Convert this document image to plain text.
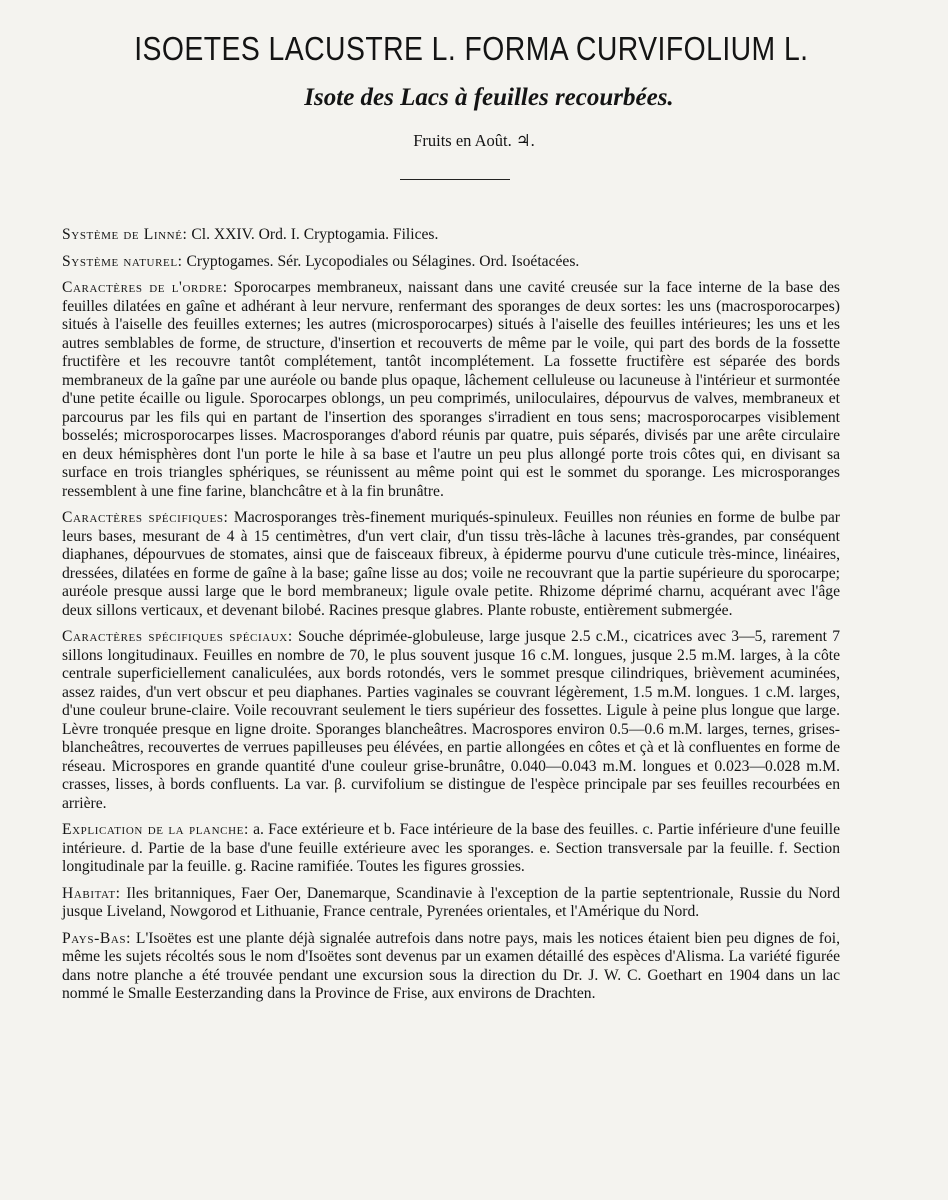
ISOETES LACUSTRE L. FORMA CURVIFOLIUM L.
Isote des Lacs à feuilles recourbées.
Fruits en Août. ♃.

Système de Linné: Cl. XXIV. Ord. I. Cryptogamia. Filices.

Système naturel: Cryptogames. Sér. Lycopodiales ou Sélagines. Ord. Isoétacées.

Caractères de l'ordre: Sporocarpes membraneux, naissant dans une cavité creusée sur la face interne de la base des feuilles dilatées en gaîne et adhérant à leur nervure, renfermant des sporanges de deux sortes: les uns (macrosporocarpes) situés à l'aiselle des feuilles externes; les autres (microsporocarpes) situés à l'aiselle des feuilles intérieures; les uns et les autres semblables de forme, de structure, d'insertion et recouverts de même par le voile, qui part des bords de la fossette fructifère et les recouvre tantôt complétement, tantôt incomplétement. La fossette fructifère est séparée des bords membraneux de la gaîne par une auréole ou bande plus opaque, lâchement celluleuse ou lacuneuse à l'intérieur et surmontée d'une petite écaille ou ligule. Sporocarpes oblongs, un peu comprimés, uniloculaires, dépourvus de valves, membraneux et parcourus par les fils qui en partant de l'insertion des sporanges s'irradient en tous sens; macrosporocarpes visiblement bosselés; microsporocarpes lisses. Macrosporanges d'abord réunis par quatre, puis séparés, divisés par une arête circulaire en deux hémisphères dont l'un porte le hile à sa base et l'autre un peu plus allongé porte trois côtes qui, en divisant sa surface en trois triangles sphériques, se réunissent au même point qui est le sommet du sporange. Les microsporanges ressemblent à une fine farine, blanchcâtre et à la fin brunâtre.

Caractères spécifiques: Macrosporanges très-finement muriqués-spinuleux. Feuilles non réunies en forme de bulbe par leurs bases, mesurant de 4 à 15 centimètres, d'un vert clair, d'un tissu très-lâche à lacunes très-grandes, par conséquent diaphanes, dépourvues de stomates, ainsi que de faisceaux fibreux, à épiderme pourvu d'une cuticule très-mince, linéaires, dressées, dilatées en forme de gaîne à la base; gaîne lisse au dos; voile ne recouvrant que la partie supérieure du sporocarpe; auréole presque aussi large que le bord membraneux; ligule ovale petite. Rhizome déprimé charnu, acquérant avec l'âge deux sillons verticaux, et devenant bilobé. Racines presque glabres. Plante robuste, entièrement submergée.

Caractères spécifiques spéciaux: Souche déprimée-globuleuse, large jusque 2.5 c.M., cicatrices avec 3—5, rarement 7 sillons longitudinaux. Feuilles en nombre de 70, le plus souvent jusque 16 c.M. longues, jusque 2.5 m.M. larges, à la côte centrale superficiellement canaliculées, aux bords rotondés, vers le sommet presque cilindriques, brièvement acuminées, assez raides, d'un vert obscur et peu diaphanes. Parties vaginales se couvrant légèrement, 1.5 m.M. longues. 1 c.M. larges, d'une couleur brune-claire. Voile recouvrant seulement le tiers supérieur des fossettes. Ligule à peine plus longue que large. Lèvre tronquée presque en ligne droite. Sporanges blancheâtres. Macrospores environ 0.5—0.6 m.M. larges, ternes, grises-blancheâtres, recouvertes de verrues papilleuses peu élévées, en partie allongées en côtes et çà et là confluentes en forme de réseau. Microspores en grande quantité d'une couleur grise-brunâtre, 0.040—0.043 m.M. longues et 0.023—0.028 m.M. crasses, lisses, à bords confluents. La var. β. curvifolium se distingue de l'espèce principale par ses feuilles recourbées en arrière.

Explication de la planche: a. Face extérieure et b. Face intérieure de la base des feuilles. c. Partie inférieure d'une feuille intérieure. d. Partie de la base d'une feuille extérieure avec les sporanges. e. Section transversale par la feuille. f. Section longitudinale par la feuille. g. Racine ramifiée. Toutes les figures grossies.

Habitat: Iles britanniques, Faer Oer, Danemarque, Scandinavie à l'exception de la partie septentrionale, Russie du Nord jusque Liveland, Nowgorod et Lithuanie, France centrale, Pyrenées orientales, et l'Amérique du Nord.

Pays-Bas: L'Isoëtes est une plante déjà signalée autrefois dans notre pays, mais les notices étaient bien peu dignes de foi, même les sujets récoltés sous le nom d'Isoëtes sont devenus par un examen détaillé des espèces d'Alisma. La variété figurée dans notre planche a été trouvée pendant une excursion sous la direction du Dr. J. W. C. Goethart en 1904 dans un lac nommé le Smalle Eesterzanding dans la Province de Frise, aux environs de Drachten.
